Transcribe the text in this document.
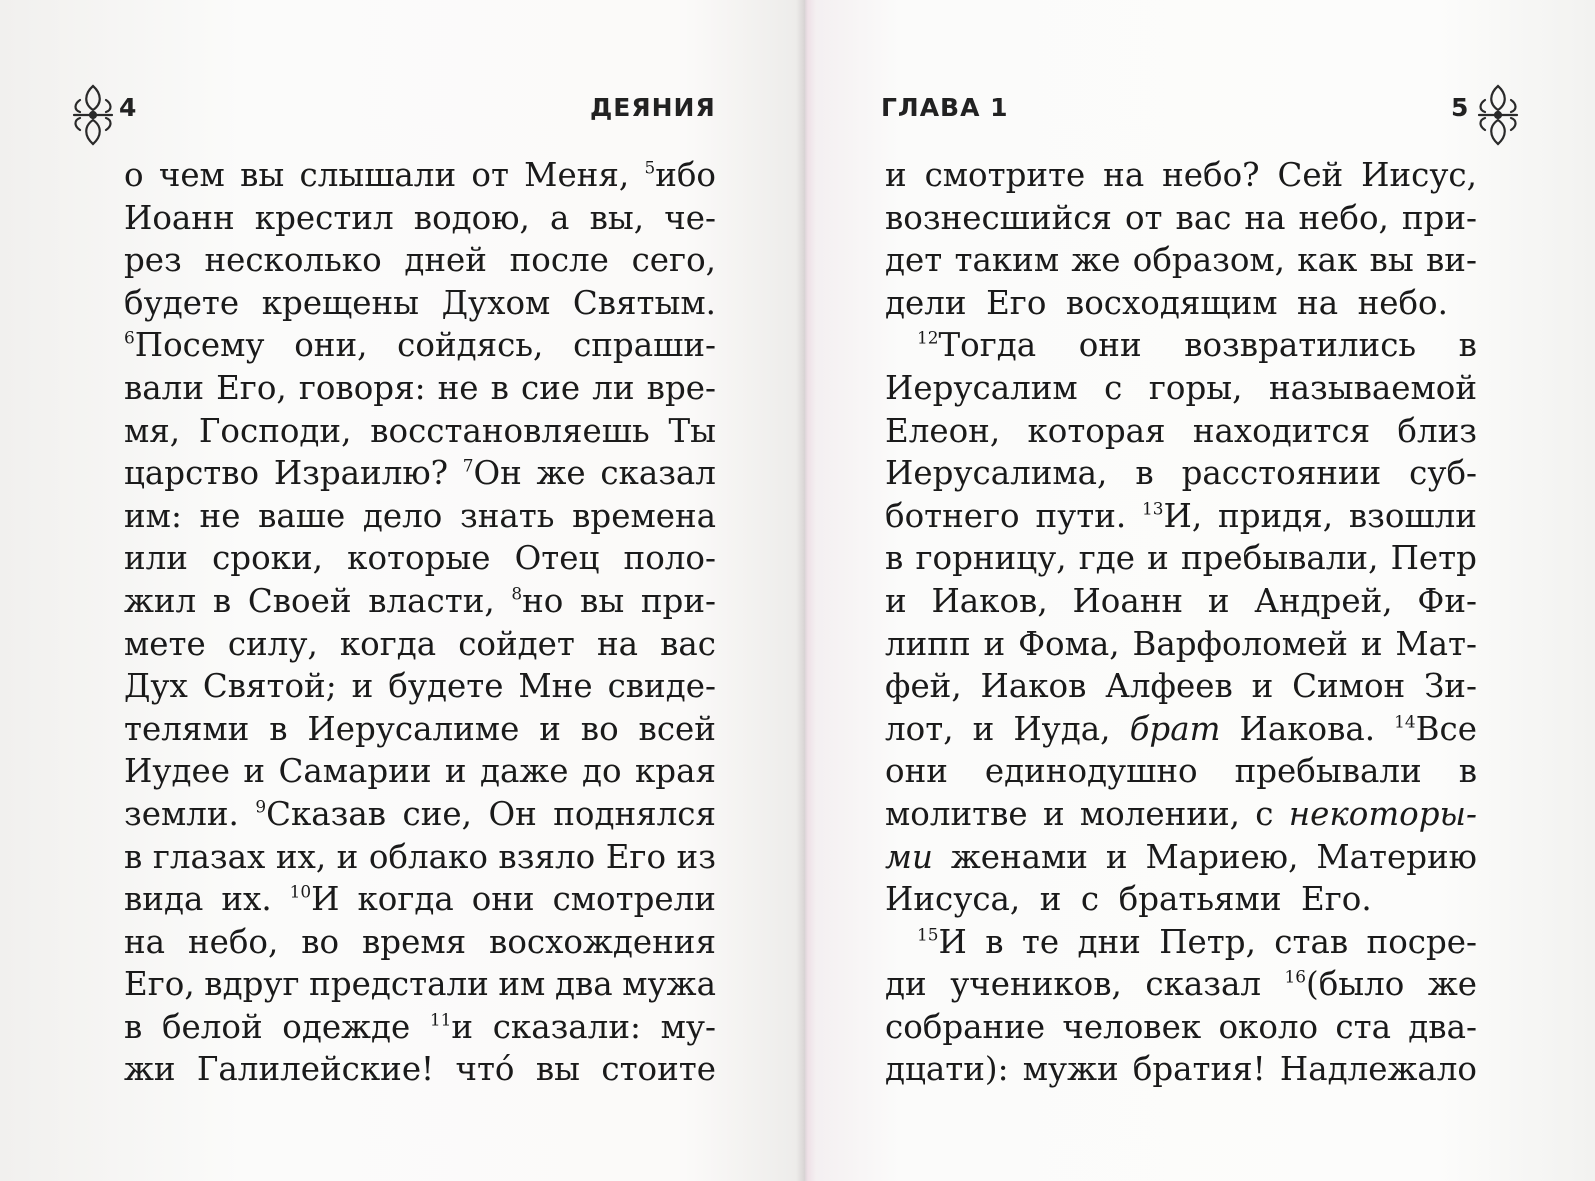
4	ДЕЯНИЯ
о чем вы слышали от Меня, $^5$ибо
Иоанн крестил водою, а вы, че-
рез несколько дней после сего,
будете крещены Духом Святым.
$^6$Посему они, сойдясь, спраши-
вали Его, говоря: не в сие ли вре-
мя, Господи, восстановляешь Ты
царство Израилю? $^7$Он же сказал
им: не ваше дело знать времена
или сроки, которые Отец поло-
жил в Своей власти, $^8$но вы при-
мете силу, когда сойдет на вас
Дух Святой; и будете Мне свиде-
телями в Иерусалиме и во всей
Иудее и Самарии и даже до края
земли. $^9$Сказав сие, Он поднялся
в глазах их, и облако взяло Его из
вида их. $^{10}$И когда они смотрели
на небо, во время восхождения
Его, вдруг предстали им два мужа
в белой одежде $^{11}$и сказали: му-
жи Галилейские! что́ вы стоите
ГЛАВА 1	5
и смотрите на небо? Сей Иисус,
вознесшийся от вас на небо, при-
дет таким же образом, как вы ви-
дели Его восходящим на небо.
$^{12}$Тогда они возвратились в
Иерусалим с горы, называемой
Елеон, которая находится близ
Иерусалима, в расстоянии суб-
ботнего пути. $^{13}$И, придя, взошли
в горницу, где и пребывали, Петр
и Иаков, Иоанн и Андрей, Фи-
липп и Фома, Варфоломей и Мат-
фей, Иаков Алфеев и Симон Зи-
лот, и Иуда, брат Иакова. $^{14}$Все
они единодушно пребывали в
молитве и молении, с некоторы-
ми женами и Мариею, Материю
Иисуса, и с братьями Его.
$^{15}$И в те дни Петр, став посре-
ди учеников, сказал $^{16}$(было же
собрание человек около ста два-
дцати): мужи братия! Надлежало
